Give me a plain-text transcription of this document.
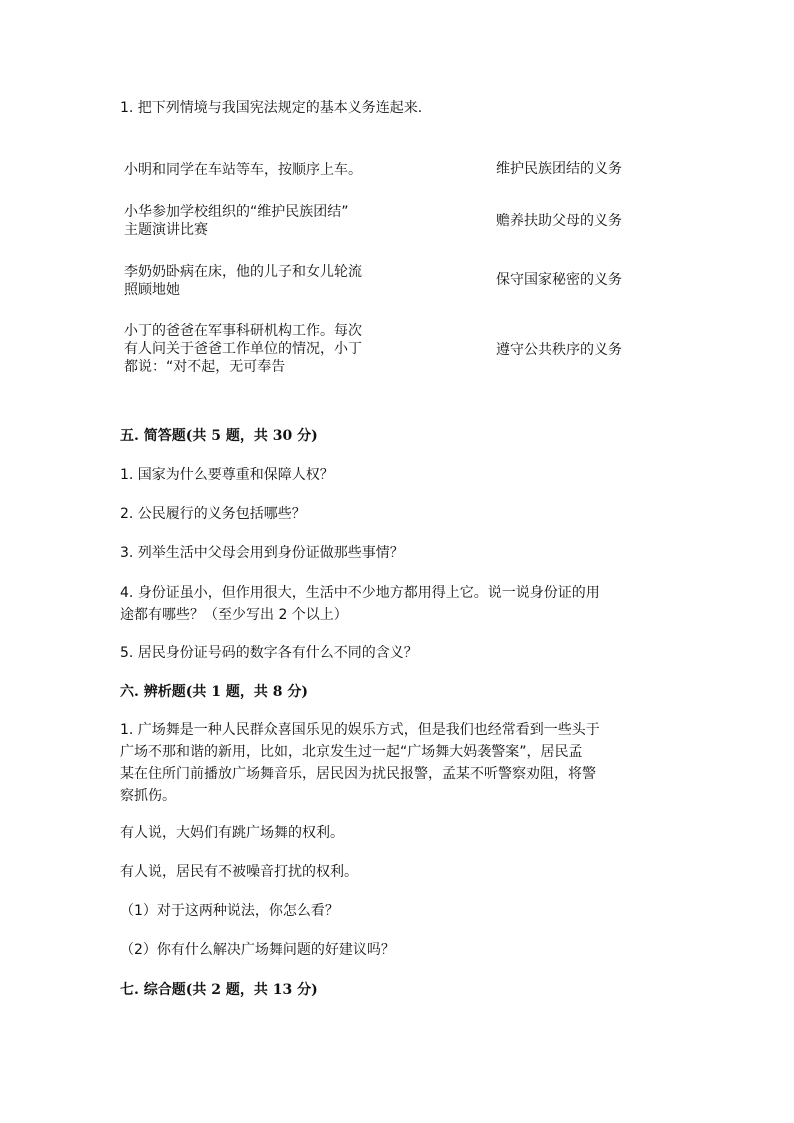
1. 把下列情境与我国宪法规定的基本义务连起来.
小明和同学在车站等车，按顺序上车。
小华参加学校组织的“维护民族团结”
主题演讲比赛
李奶奶卧病在床，他的儿子和女儿轮流
照顾地她
小丁的爸爸在军事科研机构工作。每次
有人问关于爸爸工作单位的情况，小丁
都说：“对不起，无可奉告
维护民族团结的义务
赡养扶助父母的义务
保守国家秘密的义务
遵守公共秩序的义务
五. 简答题(共 5 题，共 30 分)
1. 国家为什么要尊重和保障人权？
2. 公民履行的义务包括哪些？
3. 列举生活中父母会用到身份证做那些事情？
4. 身份证虽小，但作用很大，生活中不少地方都用得上它。说一说身份证的用
途都有哪些？（至少写出 2 个以上）
5. 居民身份证号码的数字各有什么不同的含义？
六. 辨析题(共 1 题，共 8 分)
1. 广场舞是一种人民群众喜国乐见的娱乐方式，但是我们也经常看到一些头于
广场不那和谐的新用，比如，北京发生过一起“广场舞大妈袭警案”，居民孟
某在住所门前播放广场舞音乐，居民因为扰民报警，孟某不听警察劝阻，将警
察抓伤。
有人说，大妈们有跳广场舞的权利。
有人说，居民有不被噪音打扰的权利。
（1）对于这两种说法，你怎么看？
（2）你有什么解决广场舞问题的好建议吗？
七. 综合题(共 2 题，共 13 分)
